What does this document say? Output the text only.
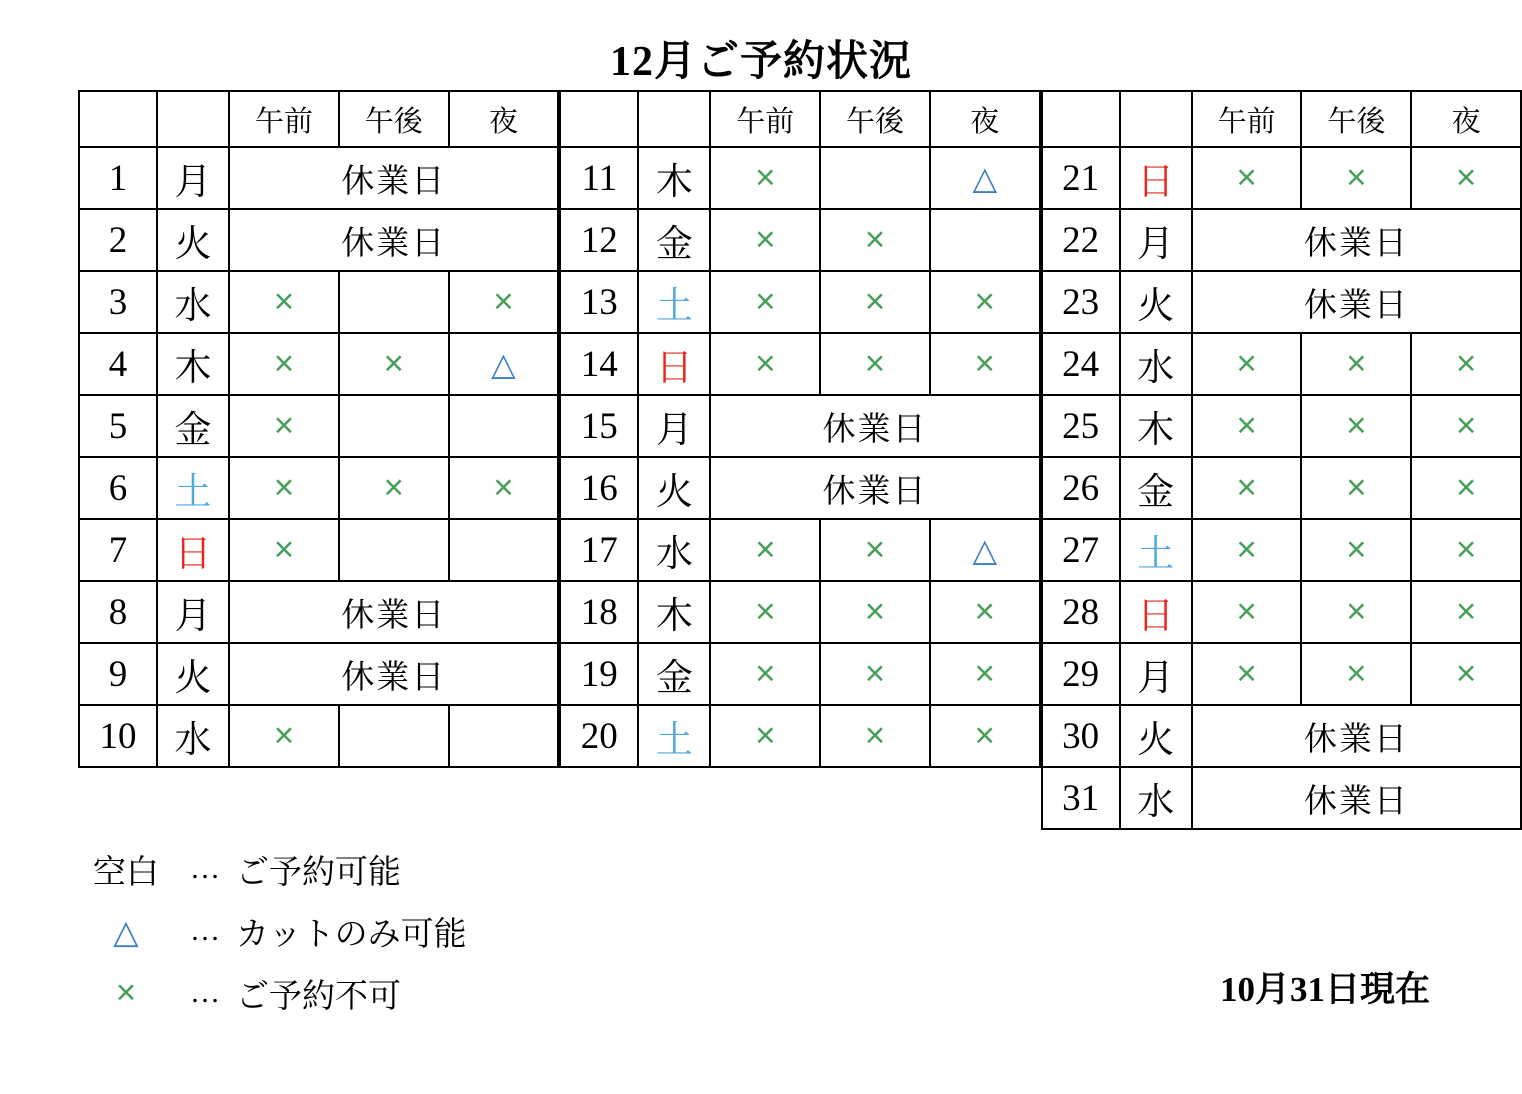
12月ご予約状況
		午前	午後	夜
1	月	休業日		
2	火	休業日		
3	水	×		×
4	木	×	×	△
5	金	×		
6	土	×	×	×
7	日	×		
8	月	休業日		
9	火	休業日		
10	水	×		
		午前	午後	夜
11	木	×		△
12	金	×	×	
13	土	×	×	×
14	日	×	×	×
15	月	休業日		
16	火	休業日		
17	水	×	×	△
18	木	×	×	×
19	金	×	×	×
20	土	×	×	×
		午前	午後	夜
21	日	×	×	×
22	月	休業日		
23	火	休業日		
24	水	×	×	×
25	木	×	×	×
26	金	×	×	×
27	土	×	×	×
28	日	×	×	×
29	月	×	×	×
30	火	休業日		
31	水	休業日		
空白	… ご予約可能
△	… カットのみ可能
×	… ご予約不可	10月31日現在
